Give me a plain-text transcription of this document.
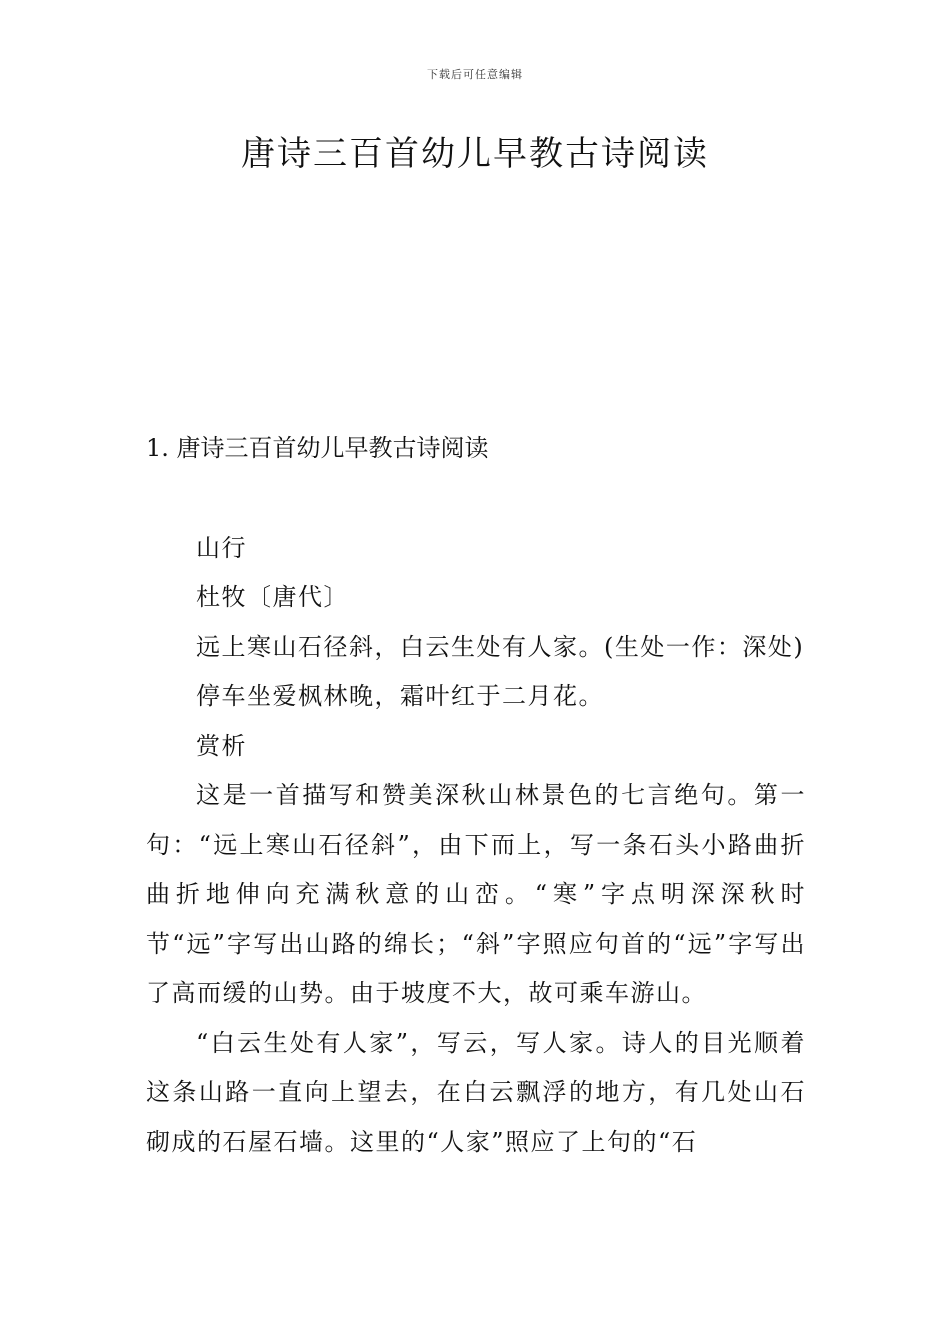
下载后可任意编辑
唐诗三百首幼儿早教古诗阅读

1. 唐诗三百首幼儿早教古诗阅读

山行

杜牧〔唐代〕

远上寒山石径斜，白云生处有人家。(生处一作：深处)

停车坐爱枫林晚，霜叶红于二月花。

赏析

这是一首描写和赞美深秋山林景色的七言绝句。第一句：“远上寒山石径斜”，由下而上，写一条石头小路曲折曲折地伸向充满秋意的山峦。“寒”字点明深深秋时节“远”字写出山路的绵长；“斜”字照应句首的“远”字写出了高而缓的山势。由于坡度不大，故可乘车游山。

“白云生处有人家”，写云，写人家。诗人的目光顺着这条山路一直向上望去，在白云飘浮的地方，有几处山石砌成的石屋石墙。这里的“人家”照应了上句的“石
